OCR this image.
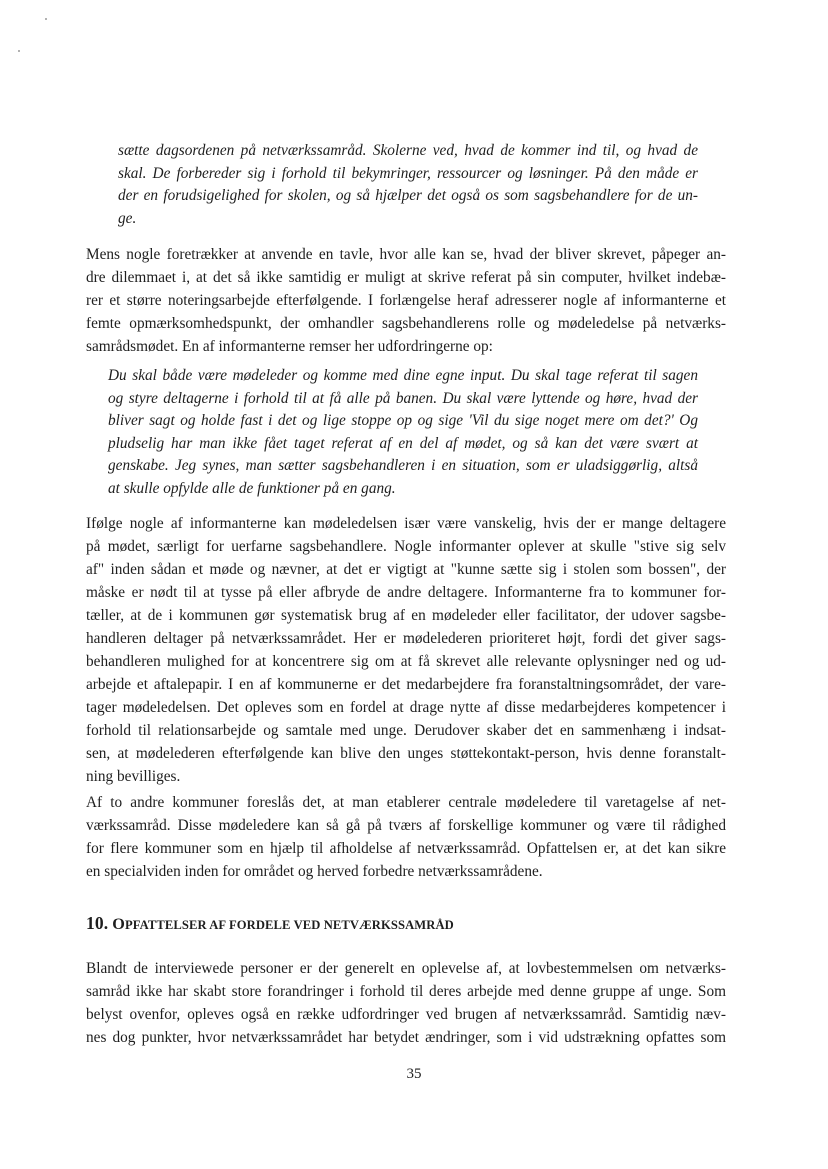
sætte dagsordenen på netværkssamråd. Skolerne ved, hvad de kommer ind til, og hvad de
skal. De forbereder sig i forhold til bekymringer, ressourcer og løsninger. På den måde er
der en forudsigelighed for skolen, og så hjælper det også os som sagsbehandlere for de un-
ge.
Mens nogle foretrækker at anvende en tavle, hvor alle kan se, hvad der bliver skrevet, påpeger an-
dre dilemmaet i, at det så ikke samtidig er muligt at skrive referat på sin computer, hvilket indebæ-
rer et større noteringsarbejde efterfølgende. I forlængelse heraf adresserer nogle af informanterne et
femte opmærksomhedspunkt, der omhandler sagsbehandlerens rolle og mødeledelse på netværks-
samrådsmødet. En af informanterne remser her udfordringerne op:
Du skal både være mødeleder og komme med dine egne input. Du skal tage referat til sagen
og styre deltagerne i forhold til at få alle på banen. Du skal være lyttende og høre, hvad der
bliver sagt og holde fast i det og lige stoppe op og sige 'Vil du sige noget mere om det?' Og
pludselig har man ikke fået taget referat af en del af mødet, og så kan det være svært at
genskabe. Jeg synes, man sætter sagsbehandleren i en situation, som er uladsiggørlig, altså
at skulle opfylde alle de funktioner på en gang.
Ifølge nogle af informanterne kan mødeledelsen især være vanskelig, hvis der er mange deltagere
på mødet, særligt for uerfarne sagsbehandlere. Nogle informanter oplever at skulle "stive sig selv
af" inden sådan et møde og nævner, at det er vigtigt at "kunne sætte sig i stolen som bossen", der
måske er nødt til at tysse på eller afbryde de andre deltagere. Informanterne fra to kommuner for-
tæller, at de i kommunen gør systematisk brug af en mødeleder eller facilitator, der udover sagsbe-
handleren deltager på netværkssamrådet. Her er mødelederen prioriteret højt, fordi det giver sags-
behandleren mulighed for at koncentrere sig om at få skrevet alle relevante oplysninger ned og ud-
arbejde et aftalepapir. I en af kommunerne er det medarbejdere fra foranstaltningsområdet, der vare-
tager mødeledelsen. Det opleves som en fordel at drage nytte af disse medarbejderes kompetencer i
forhold til relationsarbejde og samtale med unge. Derudover skaber det en sammenhæng i indsat-
sen, at mødelederen efterfølgende kan blive den unges støttekontakt-person, hvis denne foranstalt-
ning bevilliges.
Af to andre kommuner foreslås det, at man etablerer centrale mødeledere til varetagelse af net-
værkssamråd. Disse mødeledere kan så gå på tværs af forskellige kommuner og være til rådighed
for flere kommuner som en hjælp til afholdelse af netværkssamråd. Opfattelsen er, at det kan sikre
en specialviden inden for området og herved forbedre netværkssamrådene.
10. OPFATTELSER AF FORDELE VED NETVÆRKSSAMRÅD
Blandt de interviewede personer er der generelt en oplevelse af, at lovbestemmelsen om netværks-
samråd ikke har skabt store forandringer i forhold til deres arbejde med denne gruppe af unge. Som
belyst ovenfor, opleves også en række udfordringer ved brugen af netværkssamråd. Samtidig næv-
nes dog punkter, hvor netværkssamrådet har betydet ændringer, som i vid udstrækning opfattes som
35
